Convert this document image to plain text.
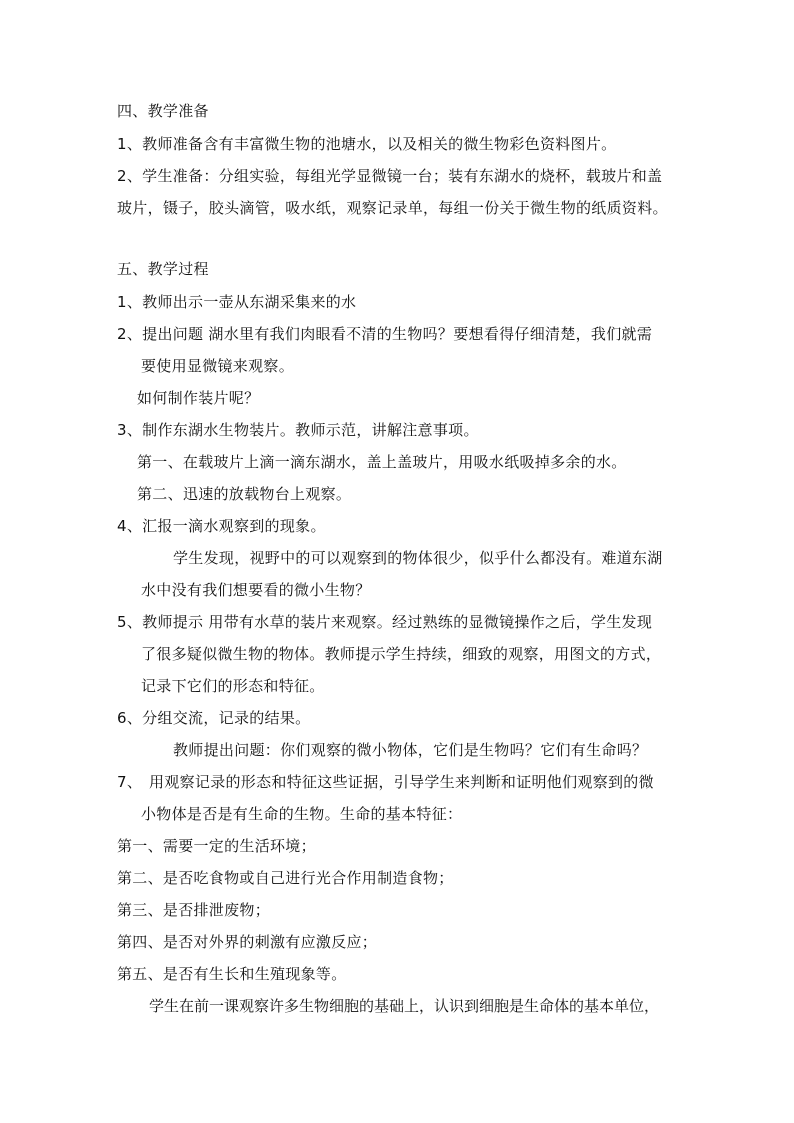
四、教学准备
1、教师准备含有丰富微生物的池塘水，以及相关的微生物彩色资料图片。
2、学生准备：分组实验，每组光学显微镜一台；装有东湖水的烧杯，载玻片和盖
玻片，镊子，胶头滴管，吸水纸，观察记录单，每组一份关于微生物的纸质资料。
五、教学过程
1、教师出示一壶从东湖采集来的水
2、提出问题 湖水里有我们肉眼看不清的生物吗？要想看得仔细清楚，我们就需
要使用显微镜来观察。
如何制作装片呢？
3、制作东湖水生物装片。教师示范，讲解注意事项。
第一、在载玻片上滴一滴东湖水，盖上盖玻片，用吸水纸吸掉多余的水。
第二、迅速的放载物台上观察。
4、汇报一滴水观察到的现象。
学生发现，视野中的可以观察到的物体很少，似乎什么都没有。难道东湖
水中没有我们想要看的微小生物？
5、教师提示 用带有水草的装片来观察。经过熟练的显微镜操作之后，学生发现
了很多疑似微生物的物体。教师提示学生持续，细致的观察，用图文的方式，
记录下它们的形态和特征。
6、分组交流，记录的结果。
教师提出问题：你们观察的微小物体，它们是生物吗？它们有生命吗？
7、 用观察记录的形态和特征这些证据，引导学生来判断和证明他们观察到的微
小物体是否是有生命的生物。生命的基本特征：
第一、需要一定的生活环境；
第二、是否吃食物或自己进行光合作用制造食物；
第三、是否排泄废物；
第四、是否对外界的刺激有应激反应；
第五、是否有生长和生殖现象等。
学生在前一课观察许多生物细胞的基础上，认识到细胞是生命体的基本单位，
